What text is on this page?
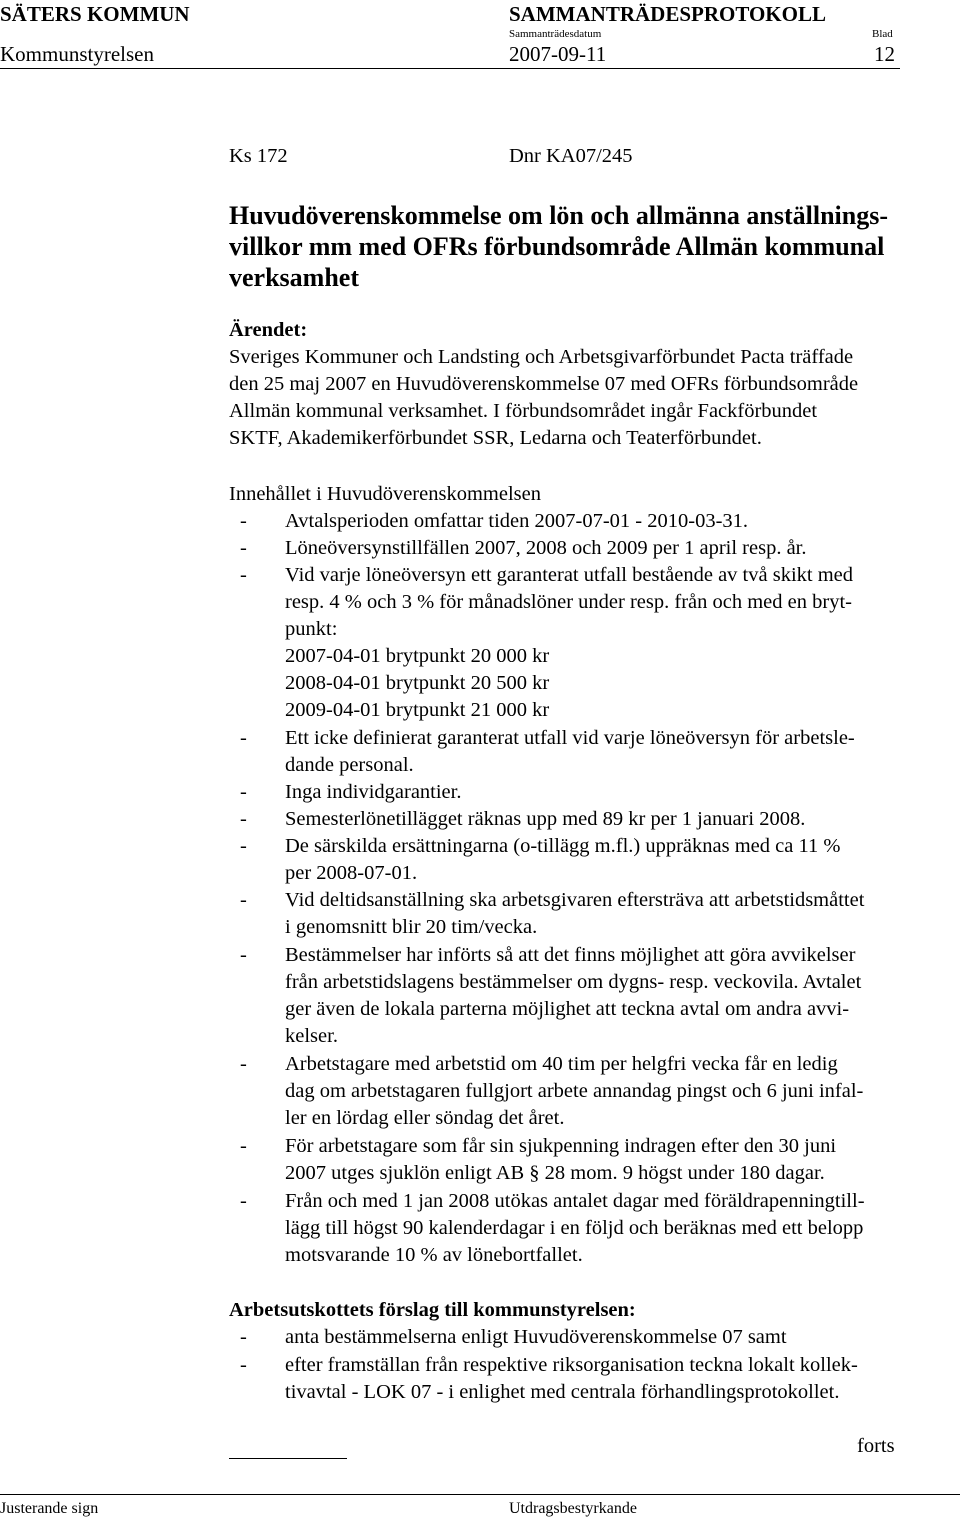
SÄTERS KOMMUN	SAMMANTRÄDESPROTOKOLL
Sammanträdesdatum	Blad
Kommunstyrelsen	2007-09-11	12
Ks 172	Dnr KA07/245
Huvudöverenskommelse om lön och allmänna anställnings-
villkor mm med OFRs förbundsområde Allmän kommunal
verksamhet
Ärendet:
Sveriges Kommuner och Landsting och Arbetsgivarförbundet Pacta träffade
den 25 maj 2007 en Huvudöverenskommelse 07 med OFRs förbundsområde
Allmän kommunal verksamhet. I förbundsområdet ingår Fackförbundet
SKTF, Akademikerförbundet SSR, Ledarna och Teaterförbundet.
Innehållet i Huvudöverenskommelsen
- Avtalsperioden omfattar tiden 2007-07-01 - 2010-03-31.
- Löneöversynstillfällen 2007, 2008 och 2009 per 1 april resp. år.
- Vid varje löneöversyn ett garanterat utfall bestående av två skikt med
resp. 4 % och 3 % för månadslöner under resp. från och med en bryt-
punkt:
2007-04-01 brytpunkt 20 000 kr
2008-04-01 brytpunkt 20 500 kr
2009-04-01 brytpunkt 21 000 kr
- Ett icke definierat garanterat utfall vid varje löneöversyn för arbetsle-
dande personal.
- Inga individgarantier.
- Semesterlönetillägget räknas upp med 89 kr per 1 januari 2008.
- De särskilda ersättningarna (o-tillägg m.fl.) uppräknas med ca 11 %
per 2008-07-01.
- Vid deltidsanställning ska arbetsgivaren eftersträva att arbetstidsmåttet
i genomsnitt blir 20 tim/vecka.
- Bestämmelser har införts så att det finns möjlighet att göra avvikelser
från arbetstidslagens bestämmelser om dygns- resp. veckovila. Avtalet
ger även de lokala parterna möjlighet att teckna avtal om andra avvi-
kelser.
- Arbetstagare med arbetstid om 40 tim per helgfri vecka får en ledig
dag om arbetstagaren fullgjort arbete annandag pingst och 6 juni infal-
ler en lördag eller söndag det året.
- För arbetstagare som får sin sjukpenning indragen efter den 30 juni
2007 utges sjuklön enligt AB § 28 mom. 9 högst under 180 dagar.
- Från och med 1 jan 2008 utökas antalet dagar med föräldrapenningtill-
lägg till högst 90 kalenderdagar i en följd och beräknas med ett belopp
motsvarande 10 % av lönebortfallet.
Arbetsutskottets förslag till kommunstyrelsen:
- anta bestämmelserna enligt Huvudöverenskommelse 07 samt
- efter framställan från respektive riksorganisation teckna lokalt kollek-
tivavtal - LOK 07 - i enlighet med centrala förhandlingsprotokollet.
forts
Justerande sign	Utdragsbestyrkande
